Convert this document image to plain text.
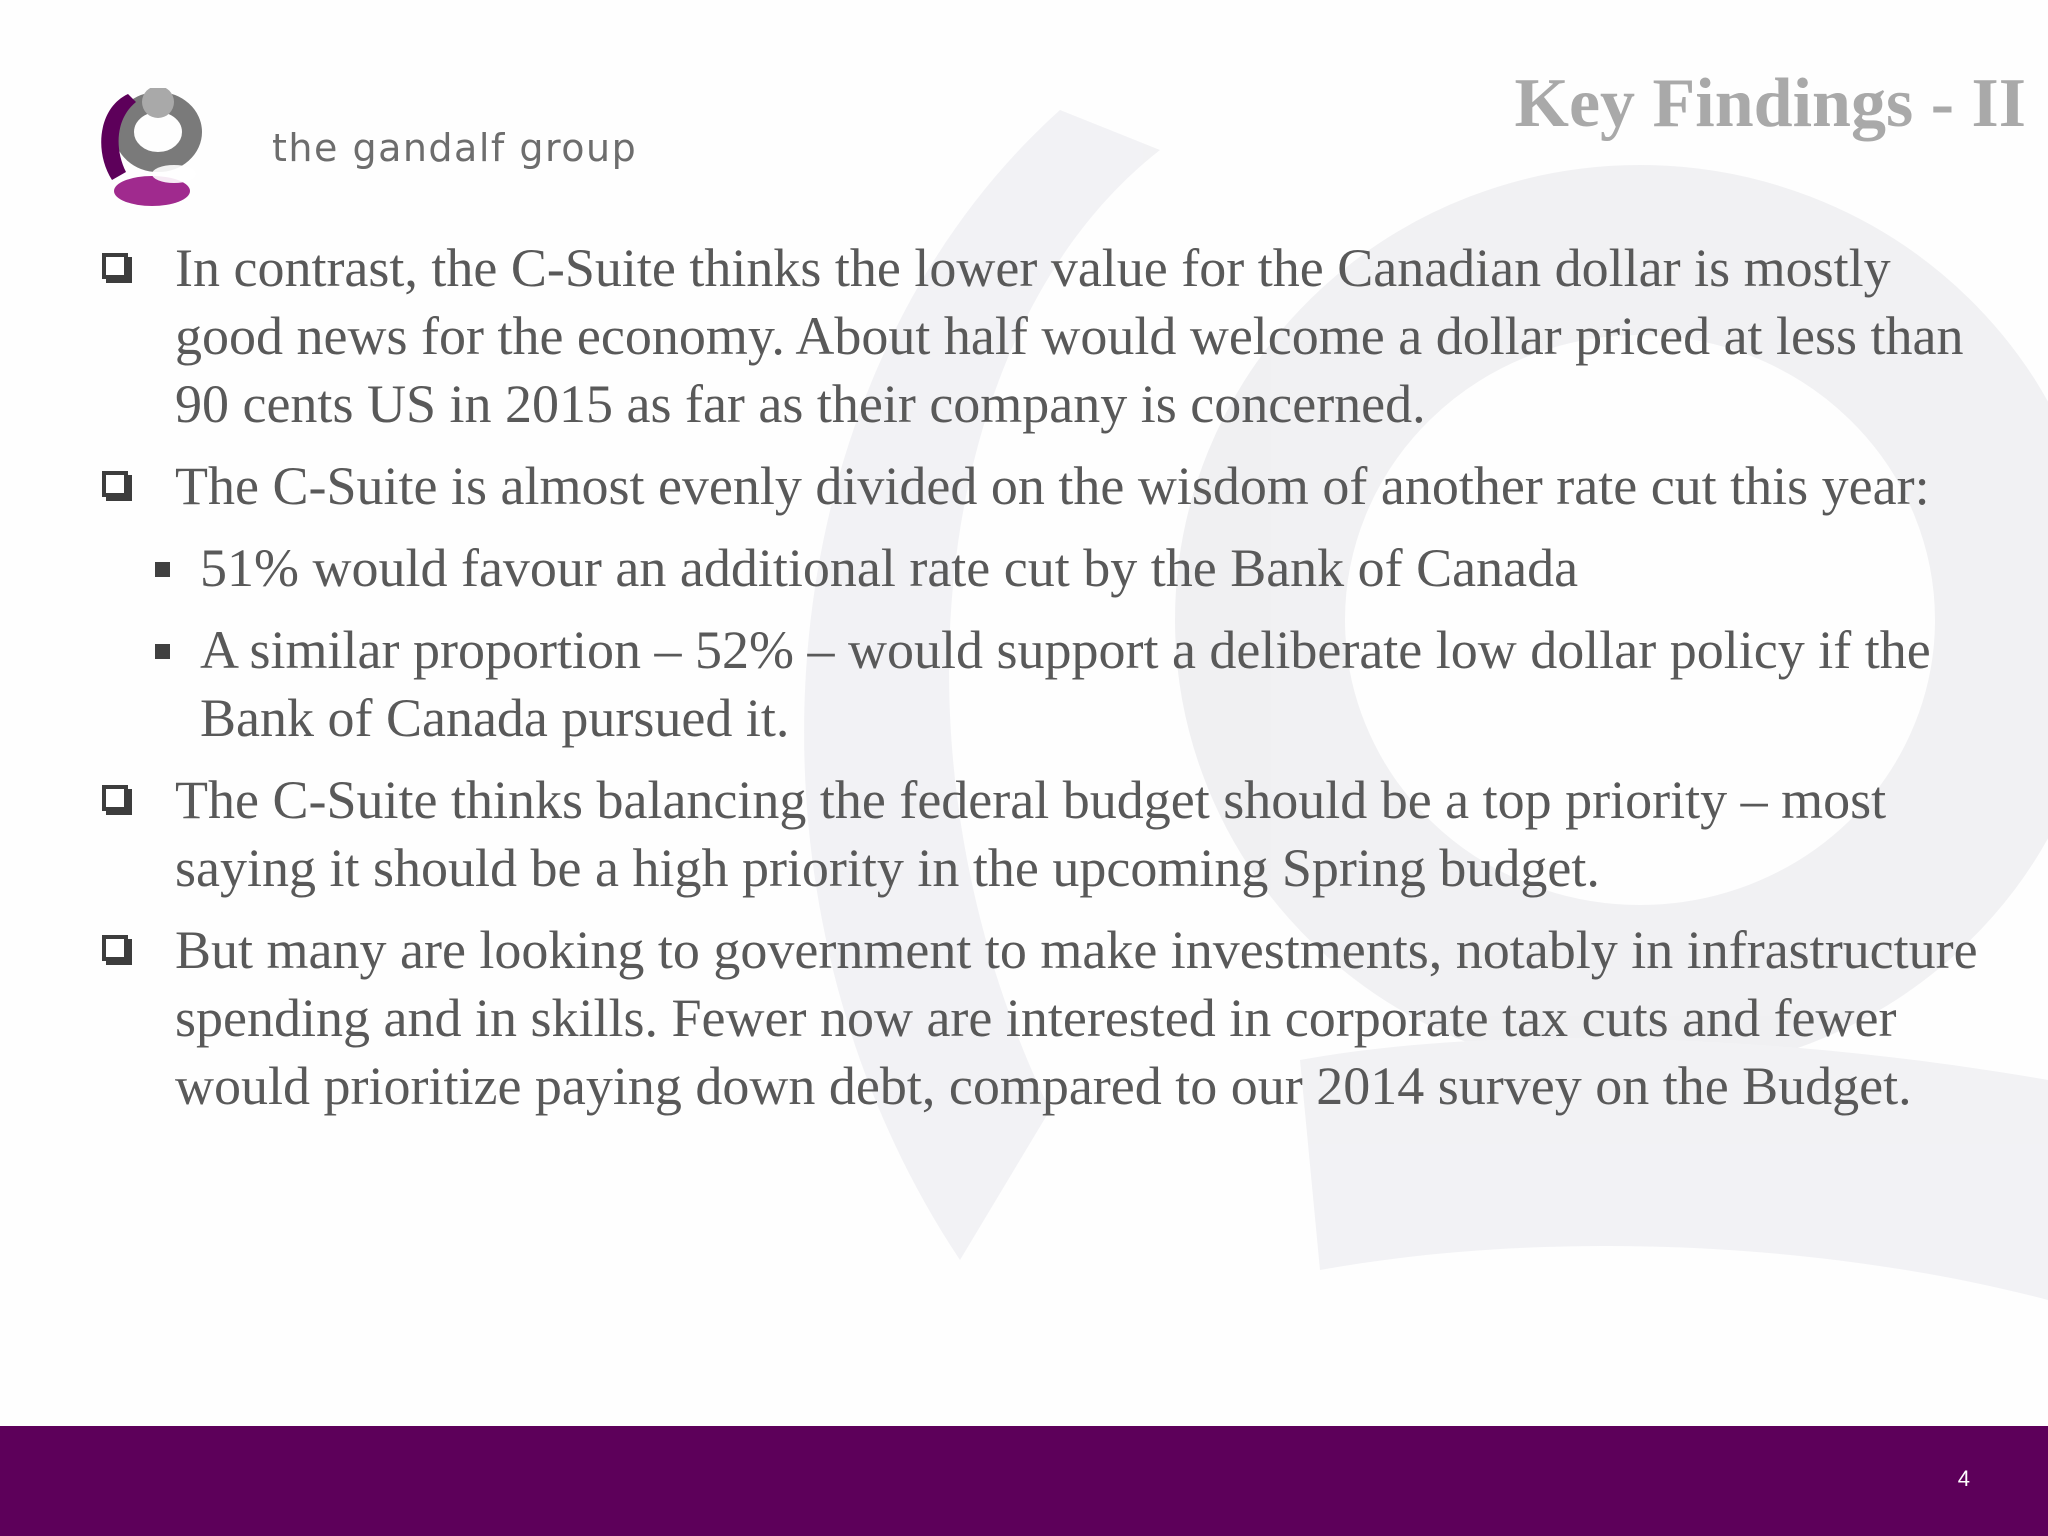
the gandalf group
Key Findings - II
In contrast, the C-Suite thinks the lower value for the Canadian dollar is mostly good news for the economy. About half would welcome a dollar priced at less than 90 cents US in 2015 as far as their company is concerned.
The C-Suite is almost evenly divided on the wisdom of another rate cut this year:
51% would favour an additional rate cut by the Bank of Canada
A similar proportion – 52% – would support a deliberate low dollar policy if the Bank of Canada pursued it.
The C-Suite thinks balancing the federal budget should be a top priority – most saying it should be a high priority in the upcoming Spring budget.
But many are looking to government to make investments, notably in infrastructure spending and in skills. Fewer now are interested in corporate tax cuts and fewer would prioritize paying down debt, compared to our 2014 survey on the Budget.
4
